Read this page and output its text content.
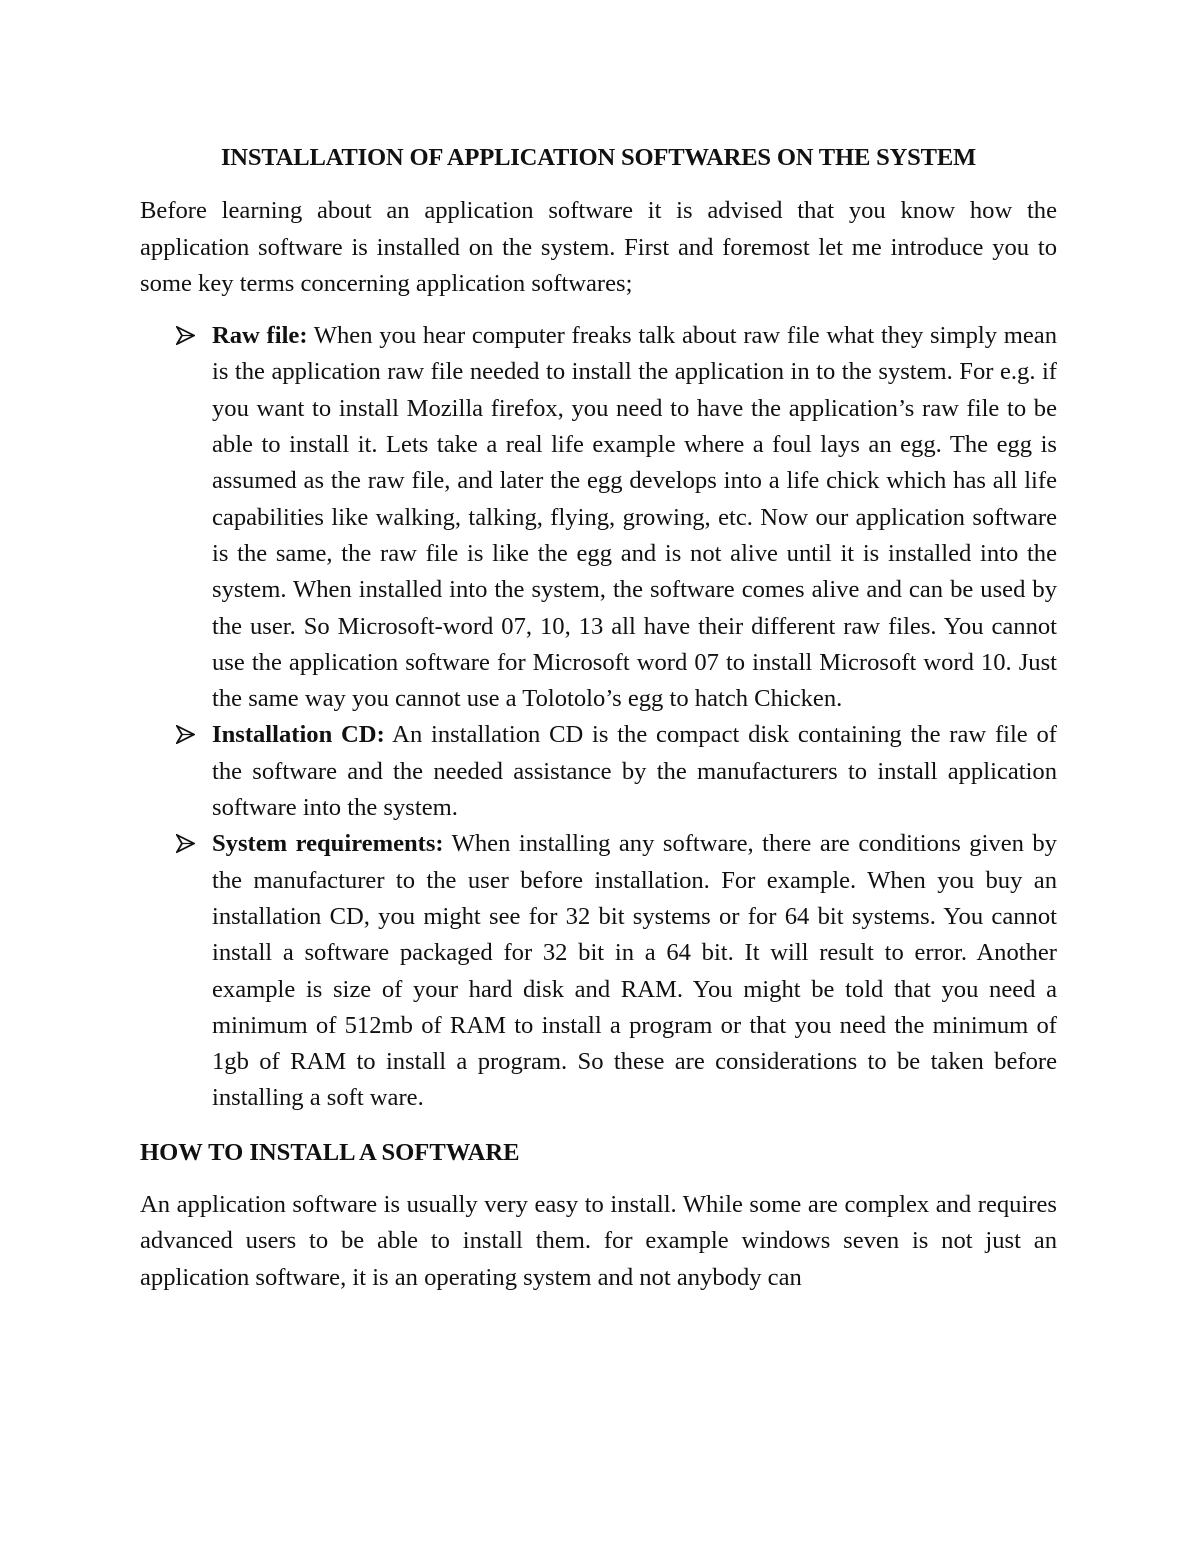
INSTALLATION OF APPLICATION SOFTWARES ON THE SYSTEM

Before learning about an application software it is advised that you know how the application software is installed on the system. First and foremost let me introduce you to some key terms concerning application softwares;

Raw file: When you hear computer freaks talk about raw file what they simply mean is the application raw file needed to install the application in to the system. For e.g. if you want to install Mozilla firefox, you need to have the application’s raw file to be able to install it. Lets take a real life example where a foul lays an egg. The egg is assumed as the raw file, and later the egg develops into a life chick which has all life capabilities like walking, talking, flying, growing, etc. Now our application software is the same, the raw file is like the egg and is not alive until it is installed into the system. When installed into the system, the software comes alive and can be used by the user. So Microsoft-word 07, 10, 13 all have their different raw files. You cannot use the application software for Microsoft word 07 to install Microsoft word 10. Just the same way you cannot use a Tolotolo’s egg to hatch Chicken.
Installation CD: An installation CD is the compact disk containing the raw file of the software and the needed assistance by the manufacturers to install application software into the system.
System requirements: When installing any software, there are conditions given by the manufacturer to the user before installation. For example. When you buy an installation CD, you might see for 32 bit systems or for 64 bit systems. You cannot install a software packaged for 32 bit in a 64 bit. It will result to error. Another example is size of your hard disk and RAM. You might be told that you need a minimum of 512mb of RAM to install a program or that you need the minimum of 1gb of RAM to install a program. So these are considerations to be taken before installing a soft ware.
HOW TO INSTALL A SOFTWARE

An application software is usually very easy to install. While some are complex and requires advanced users to be able to install them. for example windows seven is not just an application software, it is an operating system and not anybody can
